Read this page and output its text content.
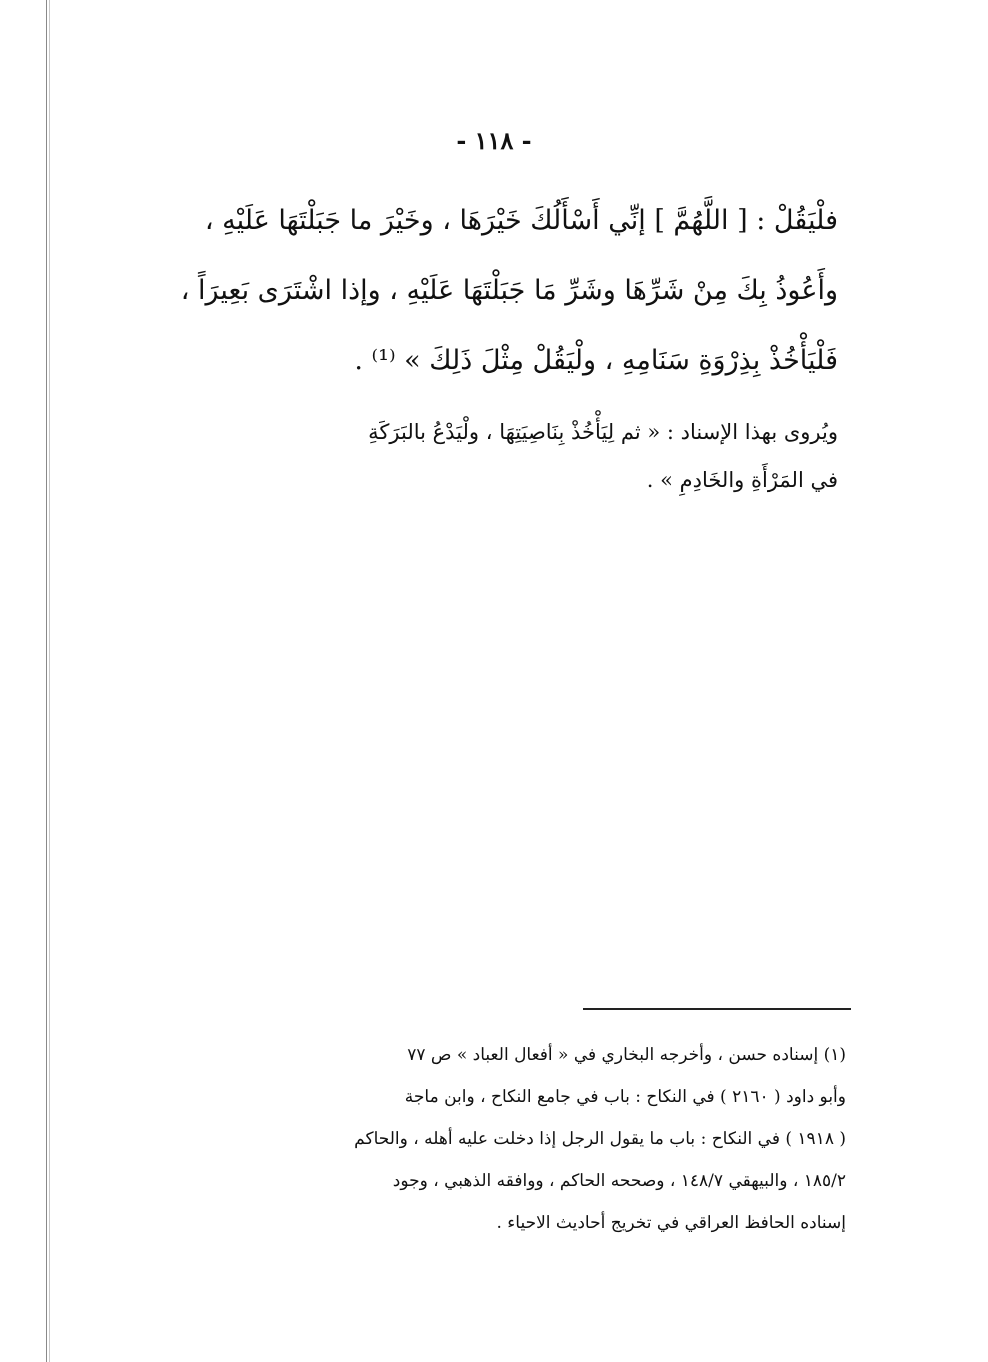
- ١١٨ -
فلْيَقُلْ : [ اللَّهُمَّ ] إنِّي أَسْأَلُكَ خَيْرَهَا ، وخَيْرَ ما جَبَلْتَهَا عَلَيْهِ ،
وأَعُوذُ بِكَ مِنْ شَرِّهَا وشَرِّ مَا جَبَلْتَهَا عَلَيْهِ ، وإذا اشْتَرَى بَعِيرَاً ،
فَلْيَأْخُذْ بِذِرْوَةِ سَنَامِهِ ، ولْيَقُلْ مِثْلَ ذَلِكَ » ⁽¹⁾ .
ويُروى بهذا الإسناد : « ثم لِيَأْخُذْ بِنَاصِيَتِهَا ، ولْيَدْعُ بالبَرَكَةِ
في المَرْأَةِ والخَادِمِ » .
(١) إسناده حسن ، وأخرجه البخاري في « أفعال العباد » ص ٧٧
وأبو داود ( ٢١٦٠ ) في النكاح : باب في جامع النكاح ، وابن ماجة
( ١٩١٨ ) في النكاح : باب ما يقول الرجل إذا دخلت عليه أهله ، والحاكم
١٨٥/٢ ، والبيهقي ١٤٨/٧ ، وصححه الحاكم ، ووافقه الذهبي ، وجود
إسناده الحافظ العراقي في تخريج أحاديث الاحياء .
